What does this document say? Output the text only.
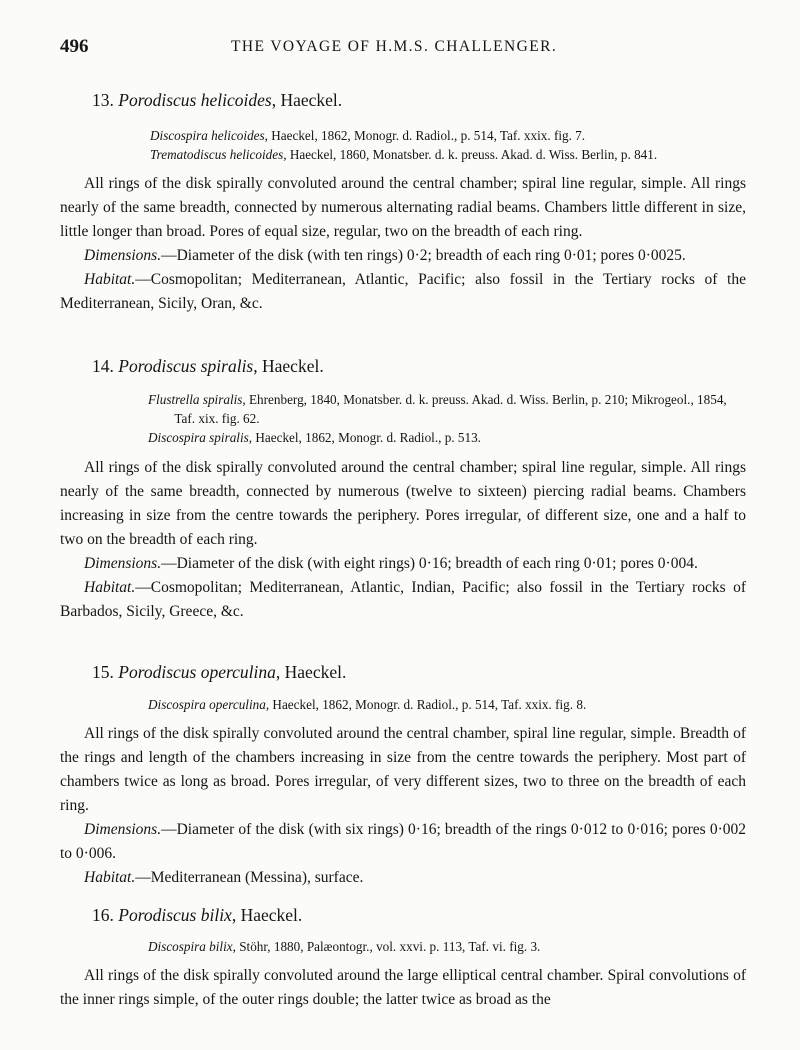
496	THE VOYAGE OF H.M.S. CHALLENGER.
13. Porodiscus helicoides, Haeckel.
Discospira helicoides, Haeckel, 1862, Monogr. d. Radiol., p. 514, Taf. xxix. fig. 7.
Trematodiscus helicoides, Haeckel, 1860, Monatsber. d. k. preuss. Akad. d. Wiss. Berlin, p. 841.

All rings of the disk spirally convoluted around the central chamber; spiral line regular, simple. All rings nearly of the same breadth, connected by numerous alternating radial beams. Chambers little different in size, little longer than broad. Pores of equal size, regular, two on the breadth of each ring.

Dimensions.—Diameter of the disk (with ten rings) 0·2; breadth of each ring 0·01; pores 0·0025.

Habitat.—Cosmopolitan; Mediterranean, Atlantic, Pacific; also fossil in the Tertiary rocks of the Mediterranean, Sicily, Oran, &c.

14. Porodiscus spiralis, Haeckel.
Flustrella spiralis, Ehrenberg, 1840, Monatsber. d. k. preuss. Akad. d. Wiss. Berlin, p. 210; Mikrogeol., 1854, Taf. xix. fig. 62.
Discospira spiralis, Haeckel, 1862, Monogr. d. Radiol., p. 513.

All rings of the disk spirally convoluted around the central chamber; spiral line regular, simple. All rings nearly of the same breadth, connected by numerous (twelve to sixteen) piercing radial beams. Chambers increasing in size from the centre towards the periphery. Pores irregular, of different size, one and a half to two on the breadth of each ring.

Dimensions.—Diameter of the disk (with eight rings) 0·16; breadth of each ring 0·01; pores 0·004.

Habitat.—Cosmopolitan; Mediterranean, Atlantic, Indian, Pacific; also fossil in the Tertiary rocks of Barbados, Sicily, Greece, &c.

15. Porodiscus operculina, Haeckel.
Discospira operculina, Haeckel, 1862, Monogr. d. Radiol., p. 514, Taf. xxix. fig. 8.

All rings of the disk spirally convoluted around the central chamber, spiral line regular, simple. Breadth of the rings and length of the chambers increasing in size from the centre towards the periphery. Most part of chambers twice as long as broad. Pores irregular, of very different sizes, two to three on the breadth of each ring.

Dimensions.—Diameter of the disk (with six rings) 0·16; breadth of the rings 0·012 to 0·016; pores 0·002 to 0·006.

Habitat.—Mediterranean (Messina), surface.

16. Porodiscus bilix, Haeckel.
Discospira bilix, Stöhr, 1880, Palæontogr., vol. xxvi. p. 113, Taf. vi. fig. 3.

All rings of the disk spirally convoluted around the large elliptical central chamber. Spiral convolutions of the inner rings simple, of the outer rings double; the latter twice as broad as the
